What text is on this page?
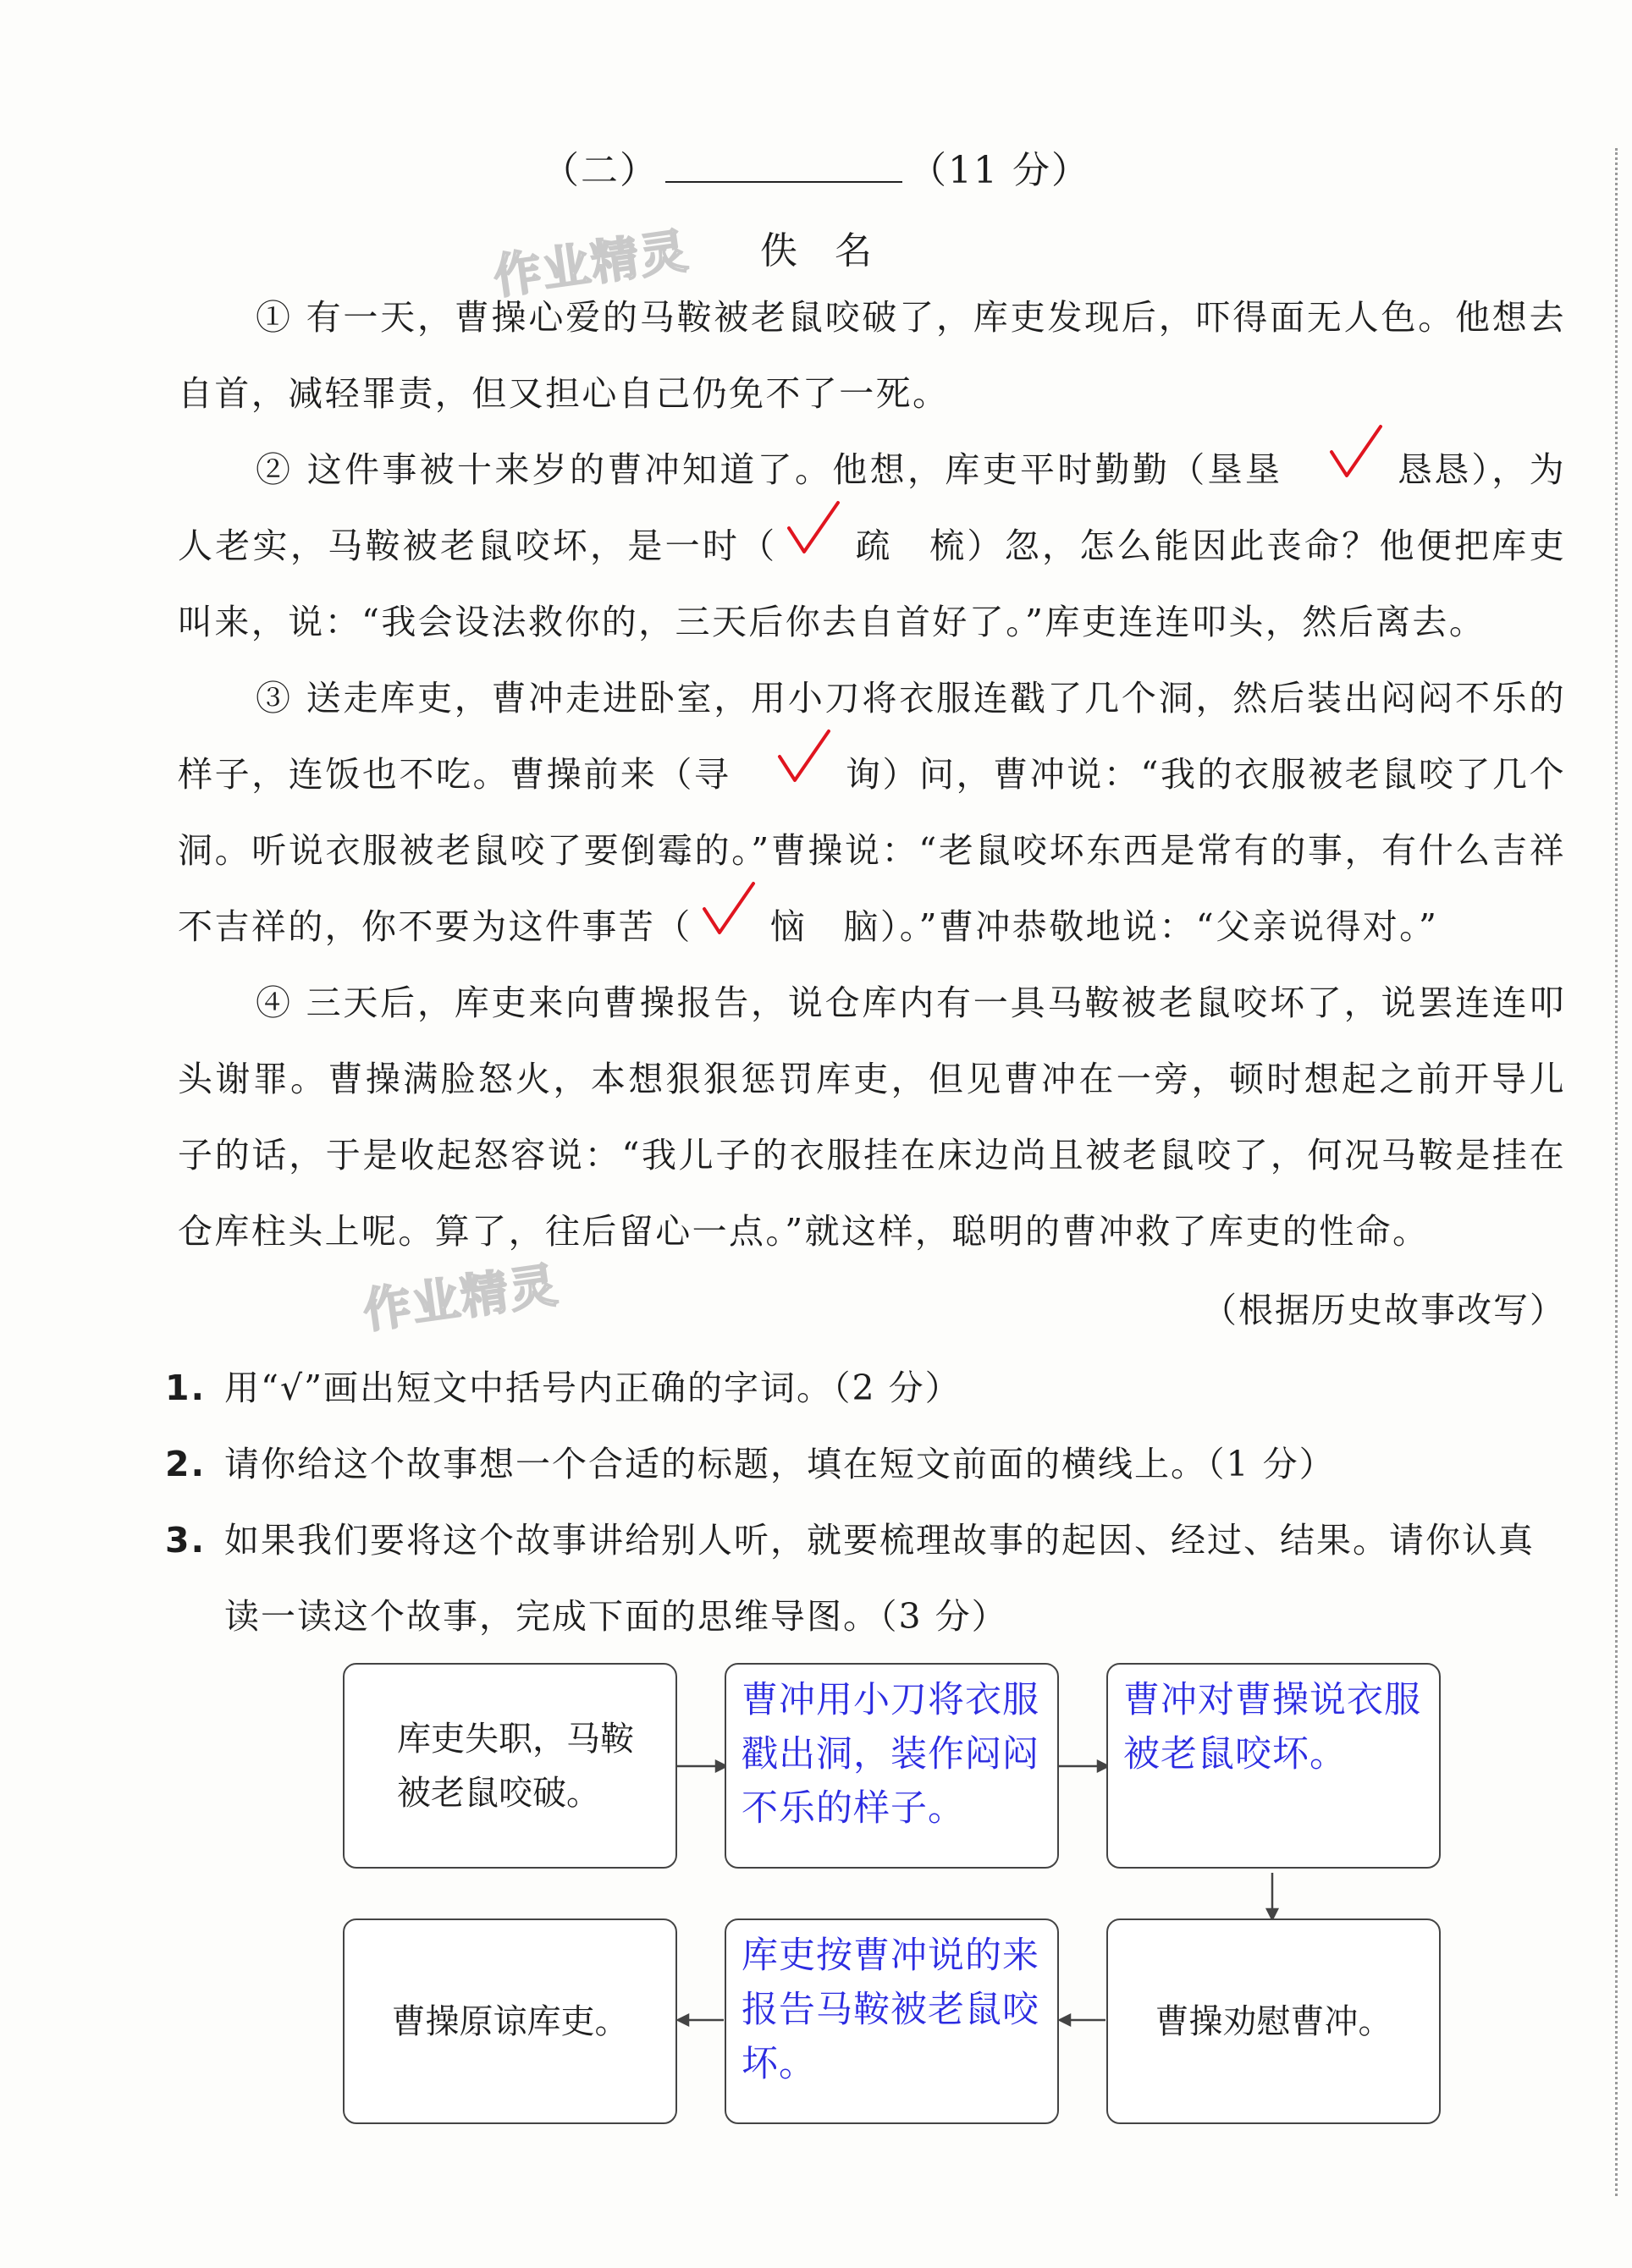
作业精灵
作业精灵
（二）	（11 分）
佚名
① 有一天，曹操心爱的马鞍被老鼠咬破了，库吏发现后，吓得面无人色。他想去自首，减轻罪责，但又担心自己仍免不了一死。
② 这件事被十来岁的曹冲知道了。他想，库吏平时勤勤（垦垦 	恳恳
），为人老实，马鞍被老鼠咬坏，是一时（ 疏
  梳）忽，怎么能因此丧命？他便把库吏叫来，说：“我会设法救你的，三天后你去自首好了。”库吏连连叩头，然后离去。
③ 送走库吏，曹冲走进卧室，用小刀将衣服连戳了几个洞，然后装出闷闷不乐的样子，连饭也不吃。曹操前来（寻 	询
）问，曹冲说：“我的衣服被老鼠咬了几个洞。听说衣服被老鼠咬了要倒霉的。”曹操说：“老鼠咬坏东西是常有的事，有什么吉祥不吉祥的，你不要为这件事苦（ 恼
  脑）。”曹冲恭敬地说：“父亲说得对。”
④ 三天后，库吏来向曹操报告，说仓库内有一具马鞍被老鼠咬坏了，说罢连连叩头谢罪。曹操满脸怒火，本想狠狠惩罚库吏，但见曹冲在一旁，顿时想起之前开导儿子的话，于是收起怒容说：“我儿子的衣服挂在床边尚且被老鼠咬了，何况马鞍是挂在仓库柱头上呢。算了，往后留心一点。”就这样，聪明的曹冲救了库吏的性命。
（根据历史故事改写）
1. 用“√”画出短文中括号内正确的字词。（2 分）
2. 请你给这个故事想一个合适的标题，填在短文前面的横线上。（1 分）
3. 如果我们要将这个故事讲给别人听，就要梳理故事的起因、经过、结果。请你认真读一读这个故事，完成下面的思维导图。（3 分）
库吏失职，马鞍被老鼠咬破。
曹冲用小刀将衣服戳出洞，装作闷闷不乐的样子。
曹冲对曹操说衣服被老鼠咬坏。
曹操原谅库吏。
库吏按曹冲说的来报告马鞍被老鼠咬坏。
曹操劝慰曹冲。
